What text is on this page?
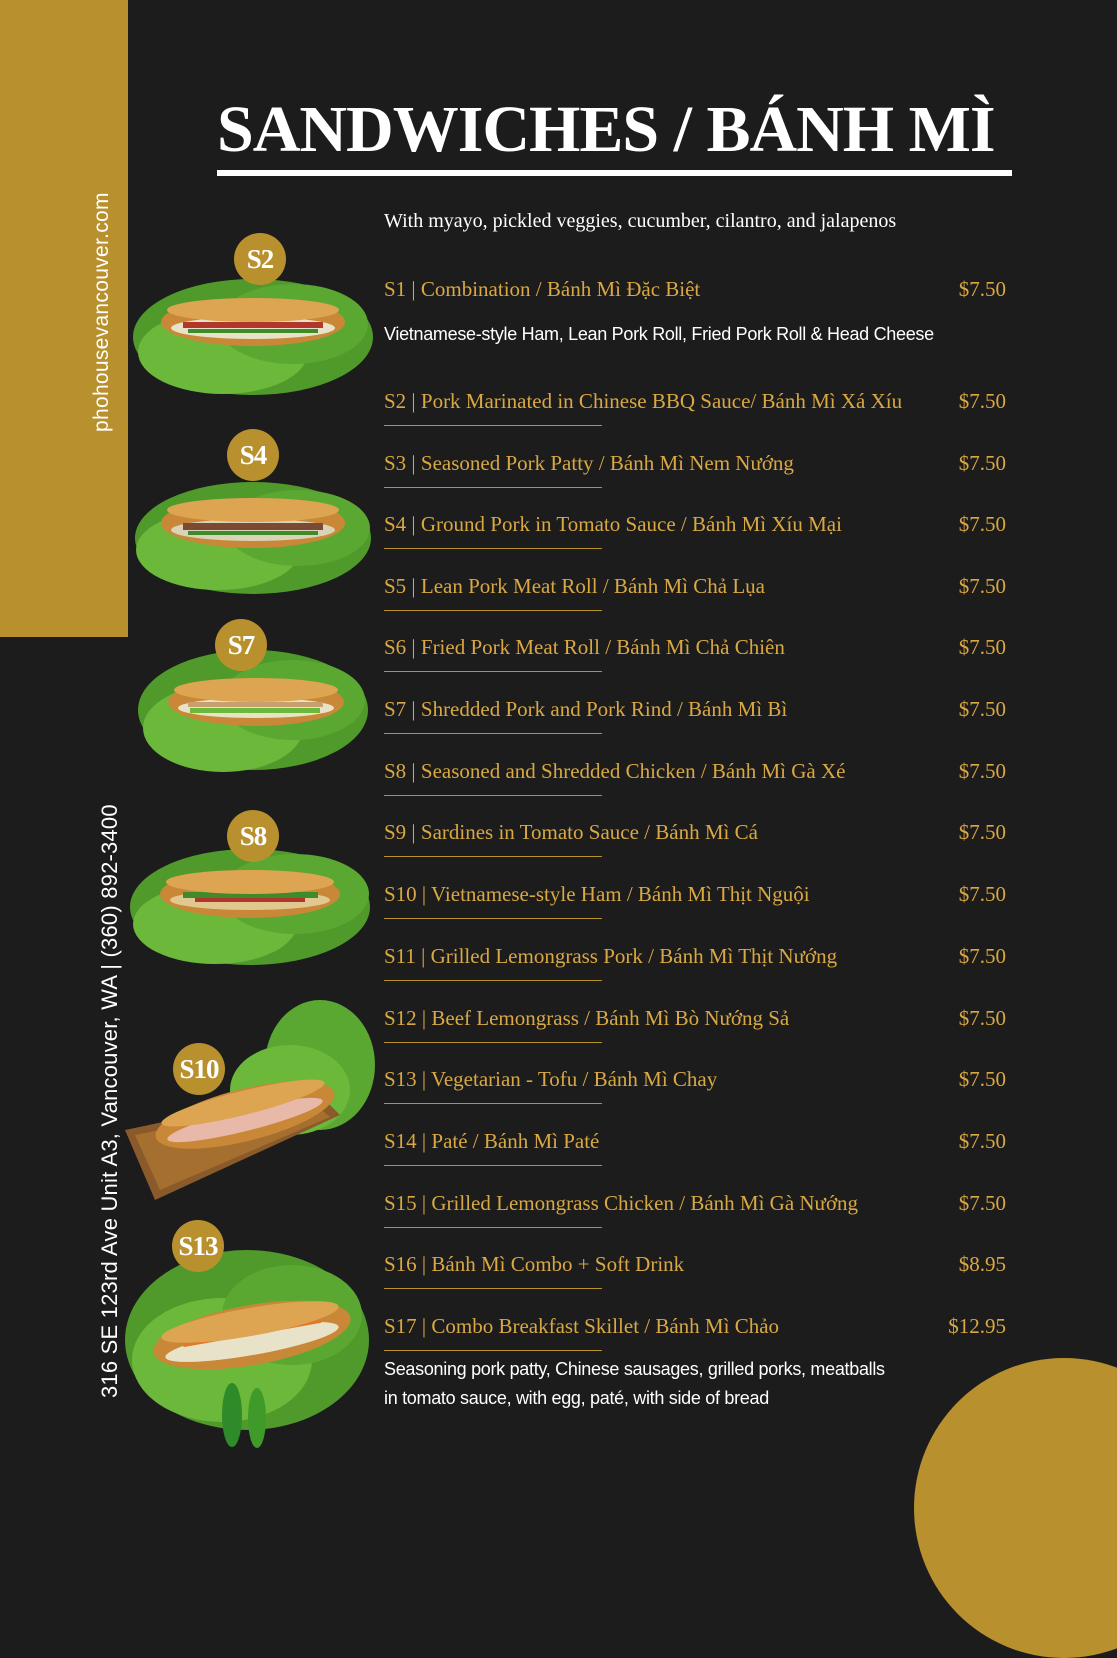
phohousevancouver.com
316 SE 123rd Ave Unit A3, Vancouver, WA | (360) 892-3400
SANDWICHES / BÁNH MÌ
With myayo, pickled veggies, cucumber, cilantro, and jalapenos
S1 | Combination / Bánh Mì Đặc Biệt	$7.50
Vietnamese-style Ham, Lean Pork Roll, Fried Pork Roll & Head Cheese
S2 | Pork Marinated in Chinese BBQ Sauce/ Bánh Mì Xá Xíu	$7.50
S3 | Seasoned Pork Patty / Bánh Mì Nem Nướng	$7.50
S4 | Ground Pork in Tomato Sauce / Bánh Mì Xíu Mại	$7.50
S5 | Lean Pork Meat Roll / Bánh Mì Chả Lụa	$7.50
S6 | Fried Pork Meat Roll / Bánh Mì Chả Chiên	$7.50
S7 | Shredded Pork and Pork Rind / Bánh Mì Bì	$7.50
S8 | Seasoned and Shredded Chicken / Bánh Mì Gà Xé	$7.50
S9 | Sardines in Tomato Sauce / Bánh Mì Cá	$7.50
S10 | Vietnamese-style Ham / Bánh Mì Thịt Nguội	$7.50
S11 | Grilled Lemongrass Pork / Bánh Mì Thịt Nướng	$7.50
S12 | Beef Lemongrass / Bánh Mì Bò Nướng Sả	$7.50
S13 | Vegetarian - Tofu / Bánh Mì Chay	$7.50
S14 | Paté / Bánh Mì Paté	$7.50
S15 | Grilled Lemongrass Chicken / Bánh Mì Gà Nướng	$7.50
S16 | Bánh Mì Combo + Soft Drink	$8.95
S17 | Combo Breakfast Skillet / Bánh Mì Chảo	$12.95
Seasoning pork patty, Chinese sausages, grilled porks, meatballs
in tomato sauce, with egg, paté, with side of bread
S2
S4
S7
S8
S10
S13
